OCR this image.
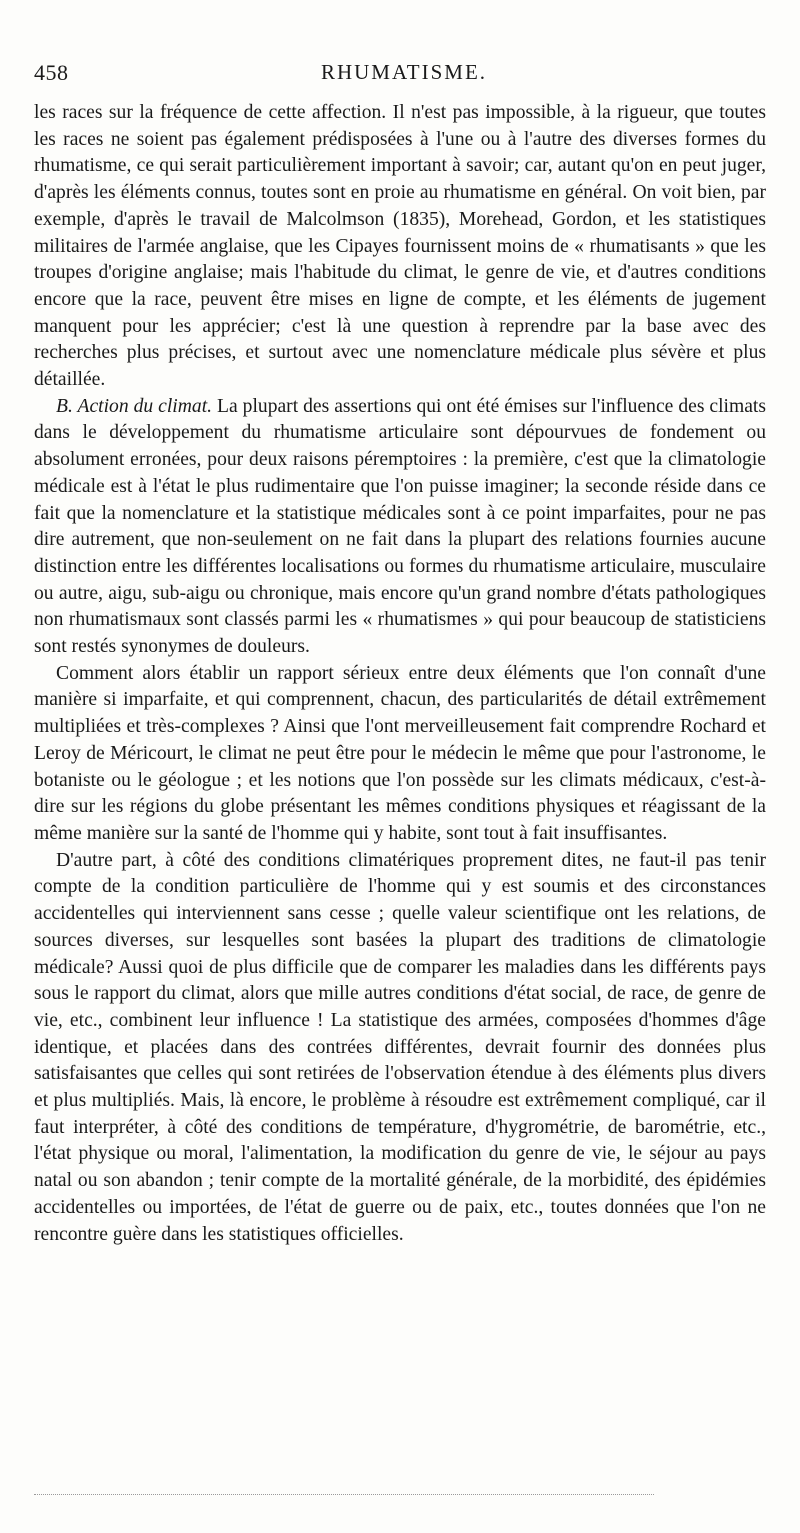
458	RHUMATISME.

les races sur la fréquence de cette affection. Il n'est pas impossible, à la rigueur, que toutes les races ne soient pas également prédisposées à l'une ou à l'autre des diverses formes du rhumatisme, ce qui serait particulièrement important à savoir; car, autant qu'on en peut juger, d'après les éléments connus, toutes sont en proie au rhumatisme en général. On voit bien, par exemple, d'après le travail de Malcolmson (1835), Morehead, Gordon, et les statistiques militaires de l'armée anglaise, que les Cipayes fournissent moins de « rhumatisants » que les troupes d'origine anglaise; mais l'habitude du climat, le genre de vie, et d'autres conditions encore que la race, peuvent être mises en ligne de compte, et les éléments de jugement manquent pour les apprécier; c'est là une question à reprendre par la base avec des recherches plus précises, et surtout avec une nomenclature médicale plus sévère et plus détaillée.

B. Action du climat. La plupart des assertions qui ont été émises sur l'influence des climats dans le développement du rhumatisme articulaire sont dépourvues de fondement ou absolument erronées, pour deux raisons péremptoires : la première, c'est que la climatologie médicale est à l'état le plus rudimentaire que l'on puisse imaginer; la seconde réside dans ce fait que la nomenclature et la statistique médicales sont à ce point imparfaites, pour ne pas dire autrement, que non-seulement on ne fait dans la plupart des relations fournies aucune distinction entre les différentes localisations ou formes du rhumatisme articulaire, musculaire ou autre, aigu, sub-aigu ou chronique, mais encore qu'un grand nombre d'états pathologiques non rhumatismaux sont classés parmi les « rhumatismes » qui pour beaucoup de statisticiens sont restés synonymes de douleurs.

Comment alors établir un rapport sérieux entre deux éléments que l'on connaît d'une manière si imparfaite, et qui comprennent, chacun, des particularités de détail extrêmement multipliées et très-complexes ? Ainsi que l'ont merveilleusement fait comprendre Rochard et Leroy de Méricourt, le climat ne peut être pour le médecin le même que pour l'astronome, le botaniste ou le géologue ; et les notions que l'on possède sur les climats médicaux, c'est-à-dire sur les régions du globe présentant les mêmes conditions physiques et réagissant de la même manière sur la santé de l'homme qui y habite, sont tout à fait insuffisantes.

D'autre part, à côté des conditions climatériques proprement dites, ne faut-il pas tenir compte de la condition particulière de l'homme qui y est soumis et des circonstances accidentelles qui interviennent sans cesse ; quelle valeur scientifique ont les relations, de sources diverses, sur lesquelles sont basées la plupart des traditions de climatologie médicale? Aussi quoi de plus difficile que de comparer les maladies dans les différents pays sous le rapport du climat, alors que mille autres conditions d'état social, de race, de genre de vie, etc., combinent leur influence ! La statistique des armées, composées d'hommes d'âge identique, et placées dans des contrées différentes, devrait fournir des données plus satisfaisantes que celles qui sont retirées de l'observation étendue à des éléments plus divers et plus multipliés. Mais, là encore, le problème à résoudre est extrêmement compliqué, car il faut interpréter, à côté des conditions de température, d'hygrométrie, de barométrie, etc., l'état physique ou moral, l'alimentation, la modification du genre de vie, le séjour au pays natal ou son abandon ; tenir compte de la mortalité générale, de la morbidité, des épidémies accidentelles ou importées, de l'état de guerre ou de paix, etc., toutes données que l'on ne rencontre guère dans les statistiques officielles.
